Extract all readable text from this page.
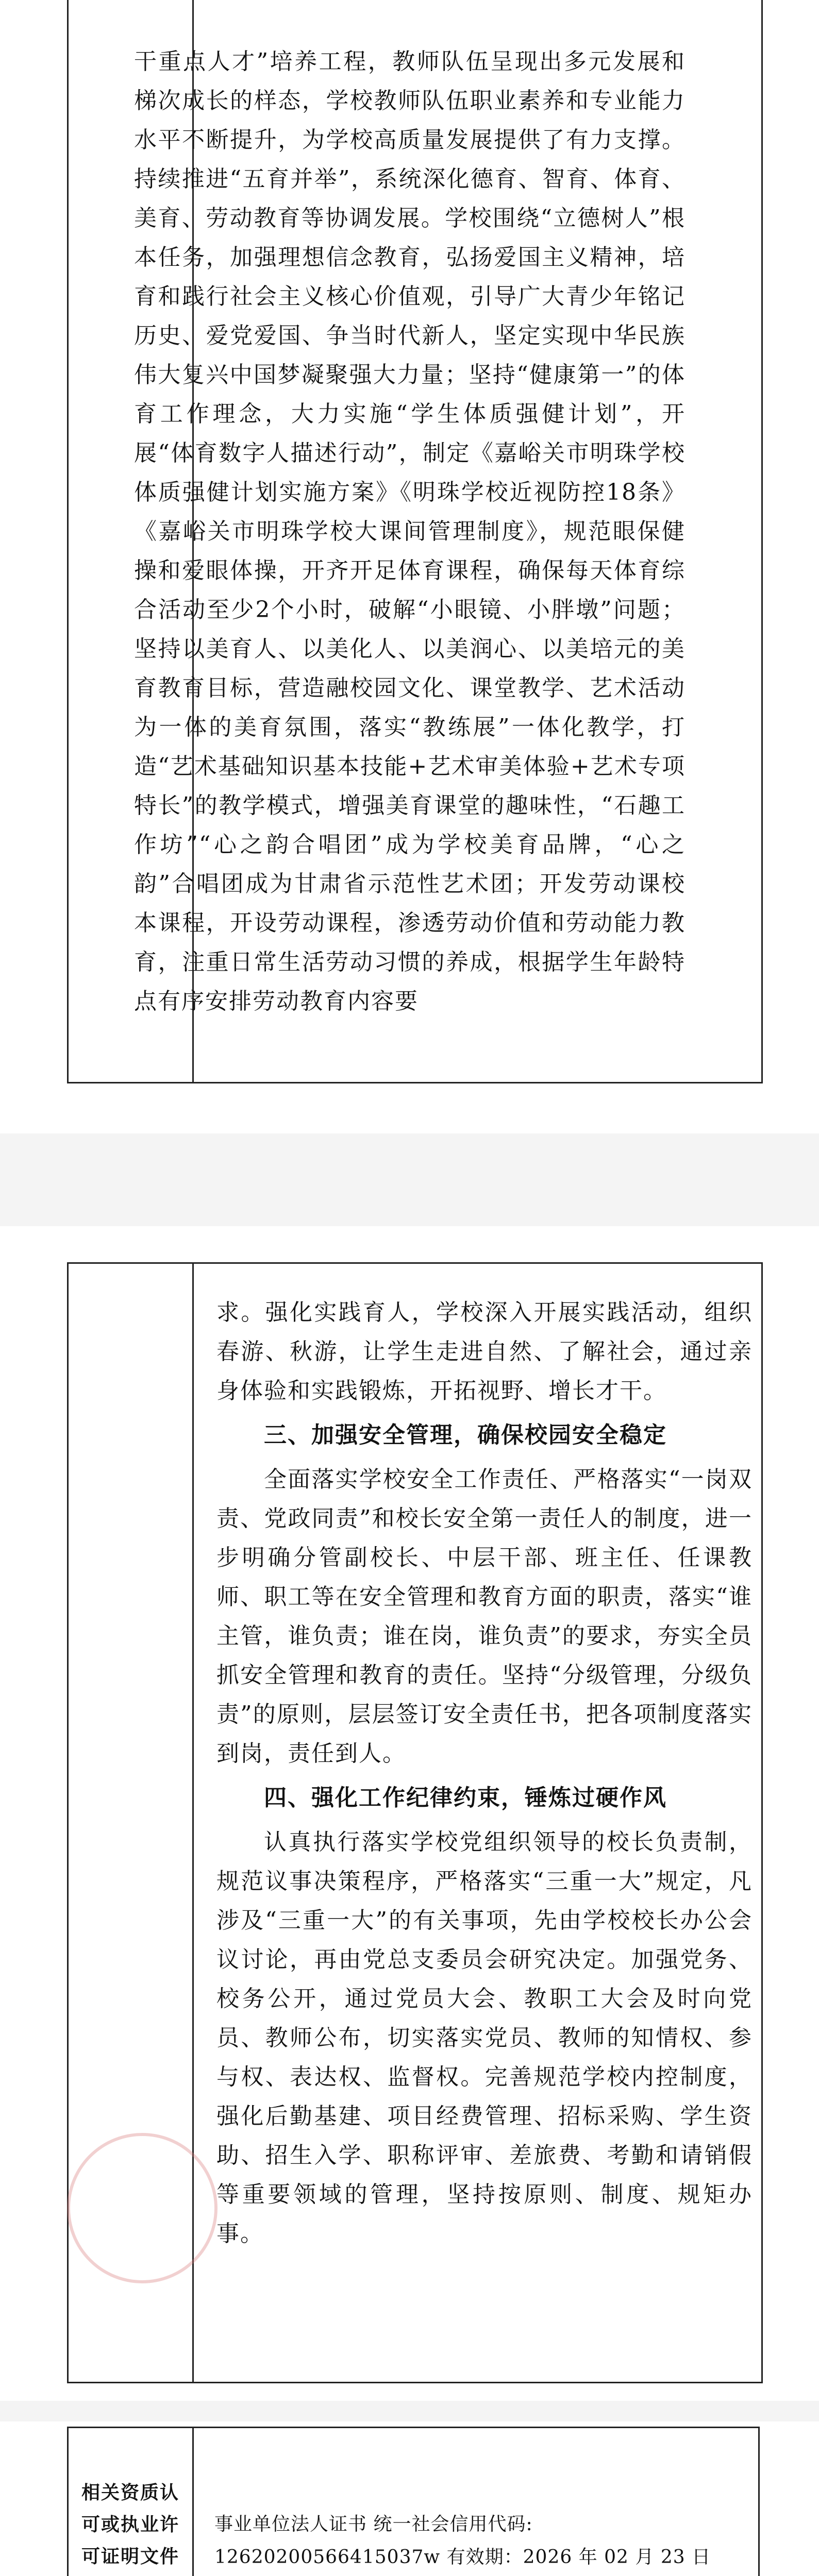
干重点人才”培养工程，教师队伍呈现出多元发展和梯次成长的样态，学校教师队伍职业素养和专业能力水平不断提升，为学校高质量发展提供了有力支撑。持续推进“五育并举”，系统深化德育、智育、体育、美育、劳动教育等协调发展。学校围绕“立德树人”根本任务，加强理想信念教育，弘扬爱国主义精神，培育和践行社会主义核心价值观，引导广大青少年铭记历史、爱党爱国、争当时代新人，坚定实现中华民族伟大复兴中国梦凝聚强大力量；坚持“健康第一”的体育工作理念，大力实施“学生体质强健计划”，开展“体育数字人描述行动”，制定《嘉峪关市明珠学校体质强健计划实施方案》《明珠学校近视防控18条》《嘉峪关市明珠学校大课间管理制度》，规范眼保健操和爱眼体操，开齐开足体育课程，确保每天体育综合活动至少2个小时，破解“小眼镜、小胖墩”问题；坚持以美育人、以美化人、以美润心、以美培元的美育教育目标，营造融校园文化、课堂教学、艺术活动为一体的美育氛围，落实“教练展”一体化教学，打造“艺术基础知识基本技能+艺术审美体验+艺术专项特长”的教学模式，增强美育课堂的趣味性，“石趣工作坊”“心之韵合唱团”成为学校美育品牌，“心之韵”合唱团成为甘肃省示范性艺术团；开发劳动课校本课程，开设劳动课程，渗透劳动价值和劳动能力教育，注重日常生活劳动习惯的养成，根据学生年龄特点有序安排劳动教育内容要

求。强化实践育人，学校深入开展实践活动，组织春游、秋游，让学生走进自然、了解社会，通过亲身体验和实践锻炼，开拓视野、增长才干。

三、加强安全管理，确保校园安全稳定

全面落实学校安全工作责任、严格落实“一岗双责、党政同责”和校长安全第一责任人的制度，进一步明确分管副校长、中层干部、班主任、任课教师、职工等在安全管理和教育方面的职责，落实“谁主管，谁负责；谁在岗，谁负责”的要求，夯实全员抓安全管理和教育的责任。坚持“分级管理，分级负责”的原则，层层签订安全责任书，把各项制度落实到岗，责任到人。

四、强化工作纪律约束，锤炼过硬作风

认真执行落实学校党组织领导的校长负责制，规范议事决策程序，严格落实“三重一大”规定，凡涉及“三重一大”的有关事项，先由学校校长办公会议讨论，再由党总支委员会研究决定。加强党务、校务公开，通过党员大会、教职工大会及时向党员、教师公布，切实落实党员、教师的知情权、参与权、表达权、监督权。完善规范学校内控制度，强化后勤基建、项目经费管理、招标采购、学生资助、招生入学、职称评审、差旅费、考勤和请销假等重要领域的管理，坚持按原则、制度、规矩办事。

相关资质认可或执业许可证明文件	事业单位法人证书 统一社会信用代码:
12620200566415037w 有效期：2026 年 02 月 23 日
